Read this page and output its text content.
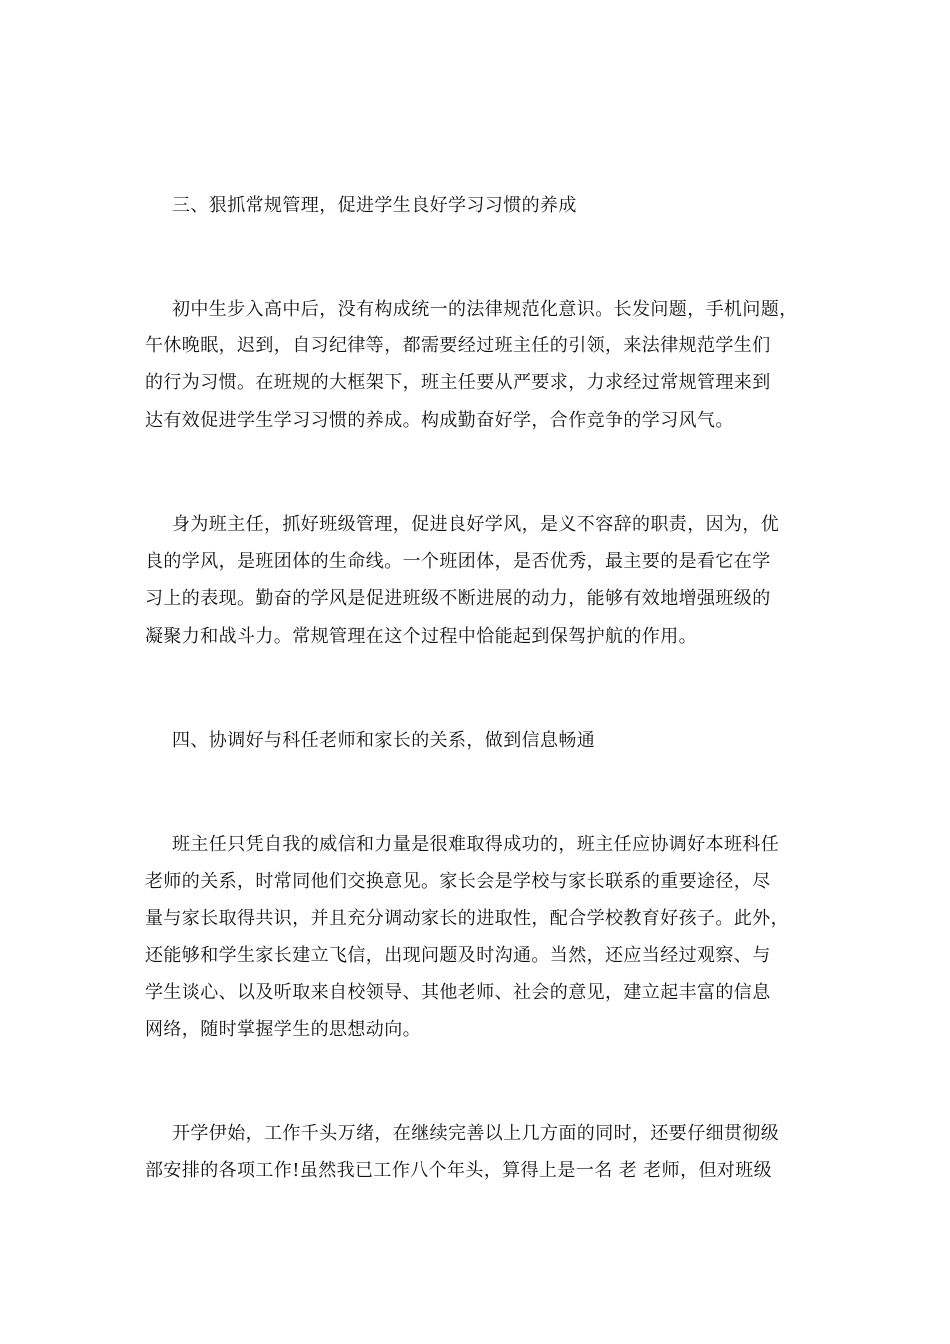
三、狠抓常规管理，促进学生良好学习习惯的养成
初中生步入高中后，没有构成统一的法律规范化意识。长发问题，手机问题，
午休晚眠，迟到，自习纪律等，都需要经过班主任的引领，来法律规范学生们
的行为习惯。在班规的大框架下，班主任要从严要求，力求经过常规管理来到
达有效促进学生学习习惯的养成。构成勤奋好学，合作竞争的学习风气。
身为班主任，抓好班级管理，促进良好学风，是义不容辞的职责，因为，优
良的学风，是班团体的生命线。一个班团体，是否优秀，最主要的是看它在学
习上的表现。勤奋的学风是促进班级不断进展的动力，能够有效地增强班级的
凝聚力和战斗力。常规管理在这个过程中恰能起到保驾护航的作用。
四、协调好与科任老师和家长的关系，做到信息畅通
班主任只凭自我的威信和力量是很难取得成功的，班主任应协调好本班科任
老师的关系，时常同他们交换意见。家长会是学校与家长联系的重要途径，尽
量与家长取得共识，并且充分调动家长的进取性，配合学校教育好孩子。此外，
还能够和学生家长建立飞信，出现问题及时沟通。当然，还应当经过观察、与
学生谈心、以及听取来自校领导、其他老师、社会的意见，建立起丰富的信息
网络，随时掌握学生的思想动向。
开学伊始，工作千头万绪，在继续完善以上几方面的同时，还要仔细贯彻级
部安排的各项工作!虽然我已工作八个年头，算得上是一名 老 老师，但对班级
